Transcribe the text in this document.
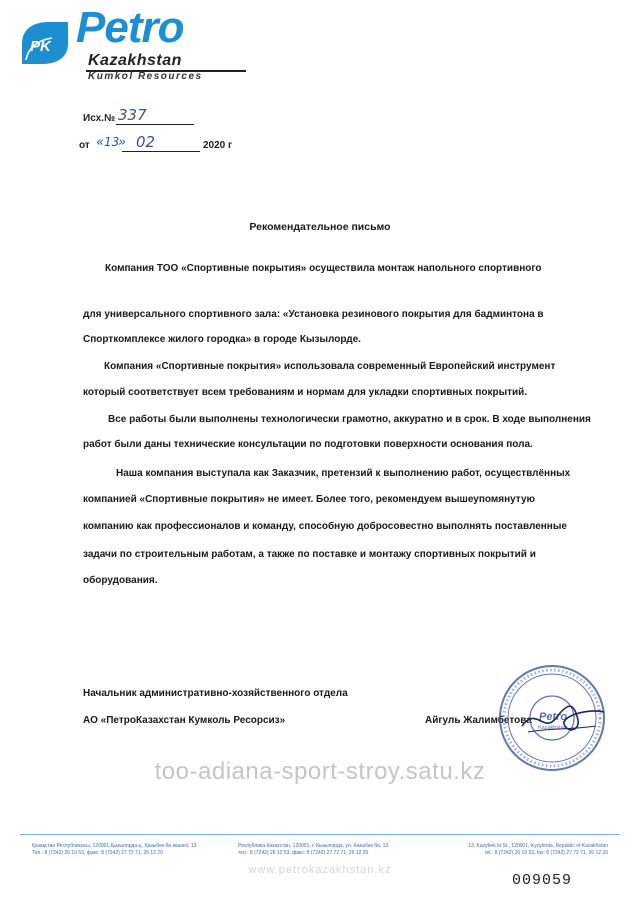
PK Petro
Kazakhstan
Kumkol Resources
Исх.№ 337
от « 13
» 02	2020 г
Рекомендательное письмо
Компания ТОО «Спортивные покрытия» осуществила монтаж напольного спортивного
для универсального спортивного зала: «Установка резинового покрытия для бадминтона в
Спорткомплексе жилого городка» в городе Кызылорде.
Компания «Спортивные покрытия» использовала современный Европейский инструмент
который соответствует всем требованиям и нормам для укладки спортивных покрытий.
Все работы были выполнены технологически грамотно, аккуратно и в срок. В ходе выполнения
работ были даны технические консультации по подготовки поверхности основания пола.
Наша компания выступала как Заказчик, претензий к выполнению работ, осуществлённых
компанией «Спортивные покрытия» не имеет. Более того, рекомендуем вышеупомянутую
компанию как профессионалов и команду, способную добросовестно выполнять поставленные
задачи по строительным работам, а также по поставке и монтажу спортивных покрытий и
оборудования.
Начальник административно-хозяйственного отдела
АО «ПетроКазахстан Кумколь Ресорсиз»	Айгуль Жалимбетова Petro
Kazakhstan
too-adiana-sport-stroy.satu.kz
Қазақстан Республикасы, 120001,Қызылорда қ., Қазыбек би көшесі, 13
Тел.: 8 (7242) 26 10 53, факс: 8 (7242) 27 72 71, 26 12 20
Республика Казахстан, 120001, г. Кызылорда, ул. Казыбек би, 13
тел.: 8 (7242) 26 10 53, факс: 8 (7242) 27 72 71, 26 12 20
13, Kazybek bi St., 120001, Kyzylorda, Republic of Kazakhstan
tel.: 8 (7242) 26 10 53, fax: 8 (7242) 27 72 71, 26 12 20
www.petrokazakhstan.kz
009059
